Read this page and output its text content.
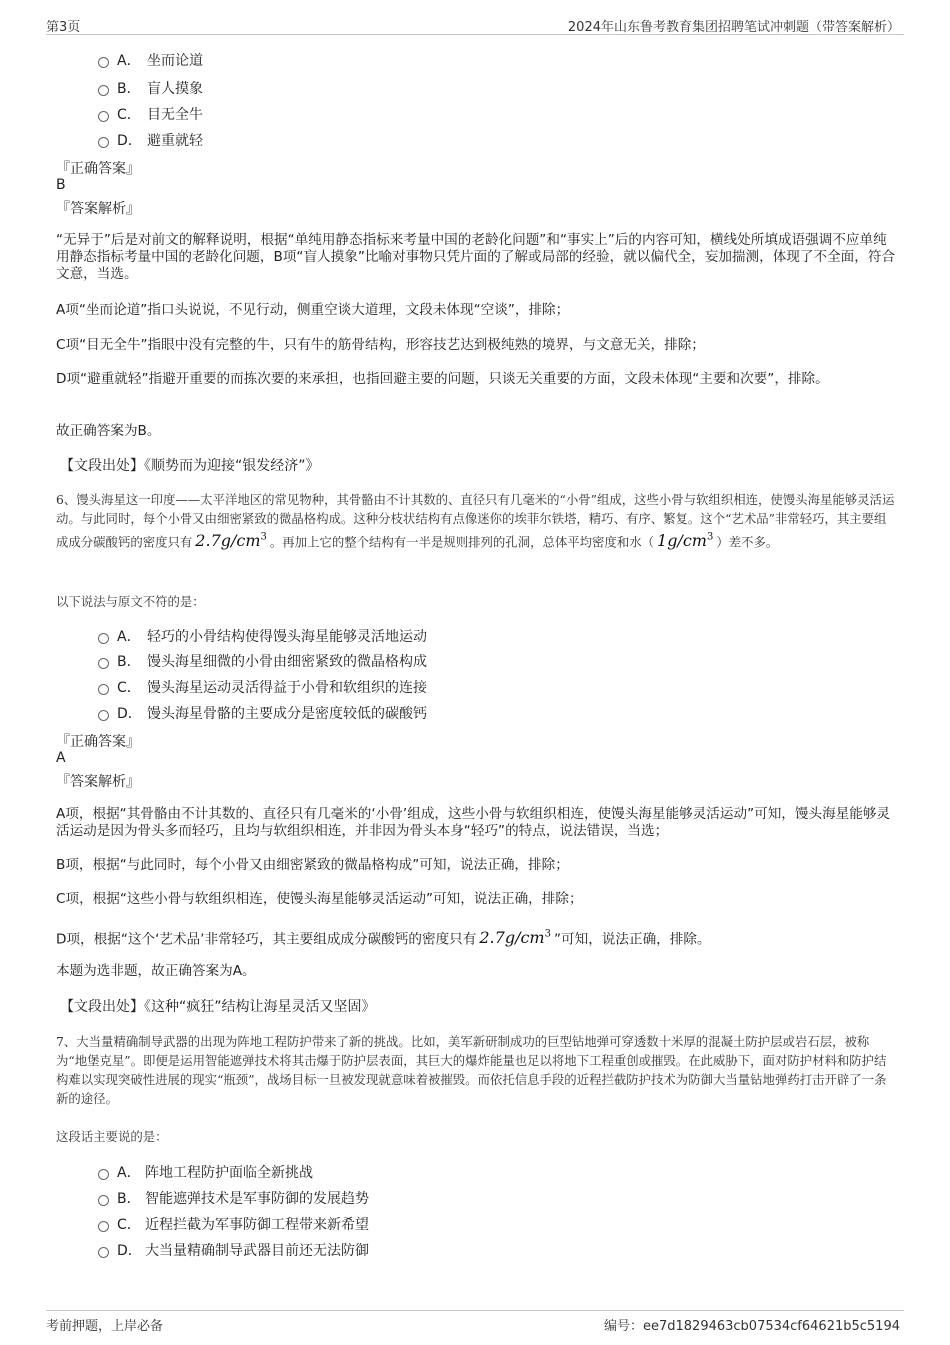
第3页	2024年山东鲁考教育集团招聘笔试冲刺题（带答案解析）
A． 坐而论道
B． 盲人摸象
C． 目无全牛
D． 避重就轻
『正确答案』
B
『答案解析』
“无异于”后是对前文的解释说明，根据“单纯用静态指标来考量中国的老龄化问题”和“事实上”后的内容可知，横线处所填成语强调不应单纯用静态指标考量中国的老龄化问题，B项“盲人摸象”比喻对事物只凭片面的了解或局部的经验，就以偏代全，妄加揣测，体现了不全面，符合文意，当选。
A项“坐而论道”指口头说说，不见行动，侧重空谈大道理，文段未体现“空谈”，排除；
C项“目无全牛”指眼中没有完整的牛，只有牛的筋骨结构，形容技艺达到极纯熟的境界，与文意无关，排除；
D项“避重就轻”指避开重要的而拣次要的来承担，也指回避主要的问题，只谈无关重要的方面，文段未体现“主要和次要”，排除。
故正确答案为B。
【文段出处】《顺势而为迎接“银发经济”》
6、馒头海星这一印度——太平洋地区的常见物种，其骨骼由不计其数的、直径只有几毫米的“小骨”组成，这些小骨与软组织相连，使馒头海星能够灵活运动。与此同时，每个小骨又由细密紧致的微晶格构成。这种分枝状结构有点像迷你的埃菲尔铁塔，精巧、有序、繁复。这个“艺术品”非常轻巧，其主要组成成分碳酸钙的密度只有 $2.7g/cm^3$ 。再加上它的整个结构有一半是规则排列的孔洞，总体平均密度和水（ $1g/cm^3$ ）差不多。
以下说法与原文不符的是：
A． 轻巧的小骨结构使得馒头海星能够灵活地运动
B． 馒头海星细微的小骨由细密紧致的微晶格构成
C． 馒头海星运动灵活得益于小骨和软组织的连接
D． 馒头海星骨骼的主要成分是密度较低的碳酸钙
『正确答案』
A
『答案解析』
A项，根据“其骨骼由不计其数的、直径只有几毫米的‘小骨’组成，这些小骨与软组织相连，使馒头海星能够灵活运动”可知，馒头海星能够灵活运动是因为骨头多而轻巧，且均与软组织相连，并非因为骨头本身“轻巧”的特点，说法错误，当选；
B项，根据“与此同时，每个小骨又由细密紧致的微晶格构成”可知，说法正确，排除；
C项，根据“这些小骨与软组织相连，使馒头海星能够灵活运动”可知，说法正确，排除；
D项，根据“这个‘艺术品’非常轻巧，其主要组成成分碳酸钙的密度只有 $2.7g/cm^3$ ”可知，说法正确，排除。
本题为选非题，故正确答案为A。
【文段出处】《这种“疯狂”结构让海星灵活又坚固》
7、大当量精确制导武器的出现为阵地工程防护带来了新的挑战。比如，美军新研制成功的巨型钻地弹可穿透数十米厚的混凝土防护层或岩石层，被称为“地堡克星”。即便是运用智能遮弹技术将其击爆于防护层表面，其巨大的爆炸能量也足以将地下工程重创或摧毁。在此威胁下，面对防护材料和防护结构难以实现突破性进展的现实“瓶颈”，战场目标一旦被发现就意味着被摧毁。而依托信息手段的近程拦截防护技术为防御大当量钻地弹药打击开辟了一条新的途径。
这段话主要说的是：
A． 阵地工程防护面临全新挑战
B． 智能遮弹技术是军事防御的发展趋势
C． 近程拦截为军事防御工程带来新希望
D． 大当量精确制导武器目前还无法防御
考前押题，上岸必备	编号：ee7d1829463cb07534cf64621b5c5194
